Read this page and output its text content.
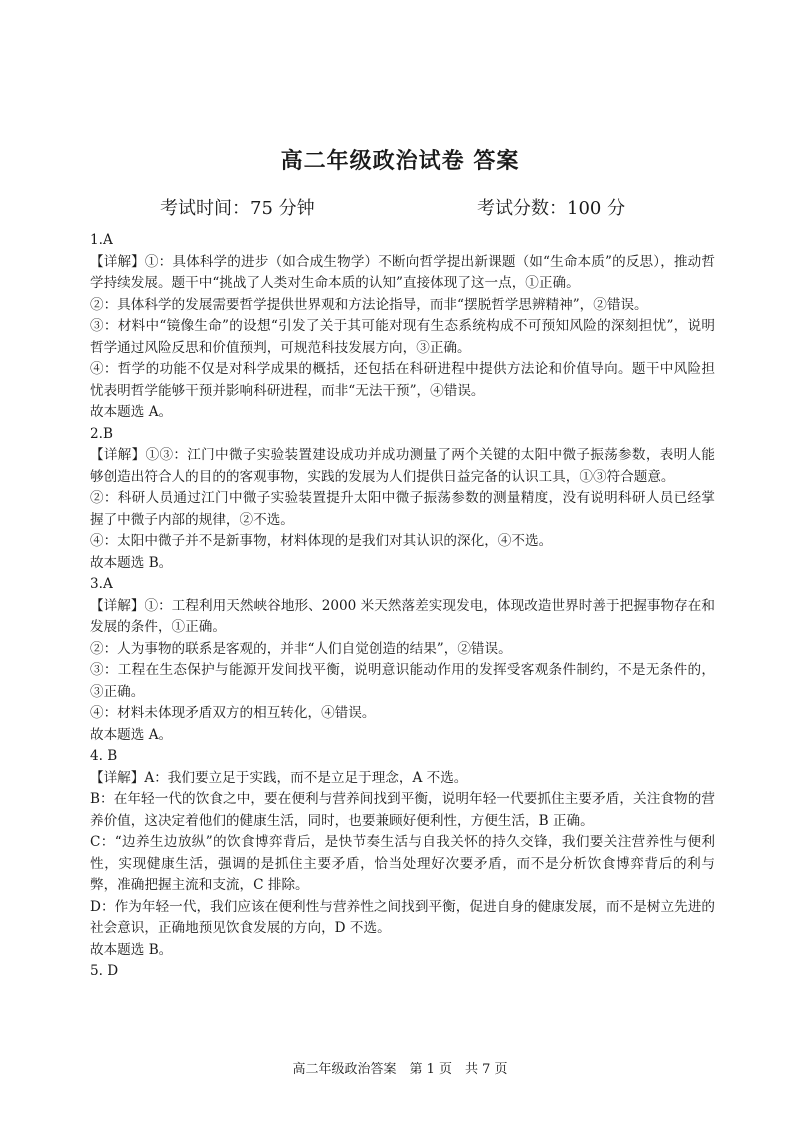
高二年级政治试卷 答案
考试时间：75 分钟	考试分数：100 分

1.A

【详解】①：具体科学的进步（如合成生物学）不断向哲学提出新课题（如“生命本质”的反思），推动哲学持续发展。题干中“挑战了人类对生命本质的认知”直接体现了这一点，①正确。

②：具体科学的发展需要哲学提供世界观和方法论指导，而非“摆脱哲学思辨精神”，②错误。

③：材料中“镜像生命”的设想“引发了关于其可能对现有生态系统构成不可预知风险的深刻担忧”，说明哲学通过风险反思和价值预判，可规范科技发展方向，③正确。

④：哲学的功能不仅是对科学成果的概括，还包括在科研进程中提供方法论和价值导向。题干中风险担忧表明哲学能够干预并影响科研进程，而非“无法干预”，④错误。

故本题选 A。

2.B

【详解】①③：江门中微子实验装置建设成功并成功测量了两个关键的太阳中微子振荡参数，表明人能够创造出符合人的目的的客观事物，实践的发展为人们提供日益完备的认识工具，①③符合题意。

②：科研人员通过江门中微子实验装置提升太阳中微子振荡参数的测量精度，没有说明科研人员已经掌握了中微子内部的规律，②不选。

④：太阳中微子并不是新事物，材料体现的是我们对其认识的深化，④不选。

故本题选 B。

3.A

【详解】①：工程利用天然峡谷地形、2000 米天然落差实现发电，体现改造世界时善于把握事物存在和发展的条件，①正确。

②：人为事物的联系是客观的，并非“人们自觉创造的结果”，②错误。

③：工程在生态保护与能源开发间找平衡，说明意识能动作用的发挥受客观条件制约，不是无条件的，③正确。

④：材料未体现矛盾双方的相互转化，④错误。

故本题选 A。

4. B

【详解】A：我们要立足于实践，而不是立足于理念，A 不选。

B：在年轻一代的饮食之中，要在便利与营养间找到平衡，说明年轻一代要抓住主要矛盾，关注食物的营养价值，这决定着他们的健康生活，同时，也要兼顾好便利性，方便生活，B 正确。

C：“边养生边放纵”的饮食博弈背后，是快节奏生活与自我关怀的持久交锋，我们要关注营养性与便利性，实现健康生活，强调的是抓住主要矛盾，恰当处理好次要矛盾，而不是分析饮食博弈背后的利与弊，准确把握主流和支流，C 排除。

D：作为年轻一代，我们应该在便利性与营养性之间找到平衡，促进自身的健康发展，而不是树立先进的社会意识，正确地预见饮食发展的方向，D 不选。

故本题选 B。

5. D

高二年级政治答案　第 1 页　共 7 页
